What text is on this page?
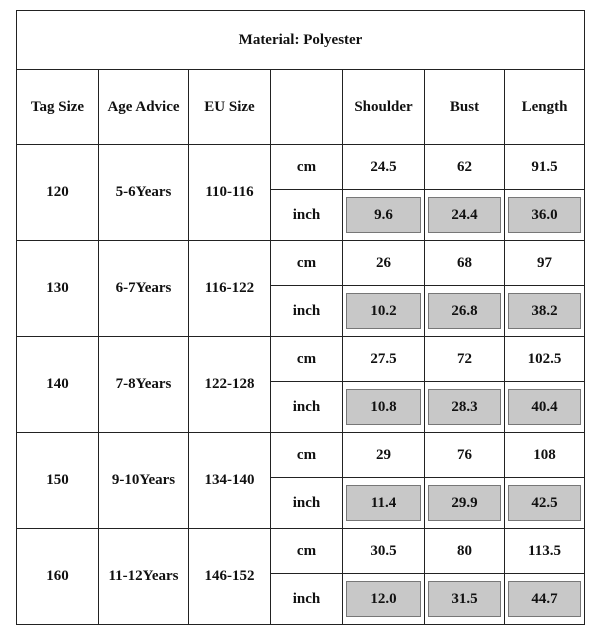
Material: Polyester						
Tag Size	Age Advice	EU Size		Shoulder	Bust	Length
120	5-6Years	110-116	cm	24.5	62	91.5
			inch	9.6	24.4	36.0

130	6-7Years	116-122	cm	26	68	97
			inch	10.2	26.8	38.2

140	7-8Years	122-128	cm	27.5	72	102.5
			inch	10.8	28.3	40.4

150	9-10Years	134-140	cm	29	76	108
			inch	11.4	29.9	42.5

160	11-12Years	146-152	cm	30.5	80	113.5
			inch	12.0	31.5	44.7
